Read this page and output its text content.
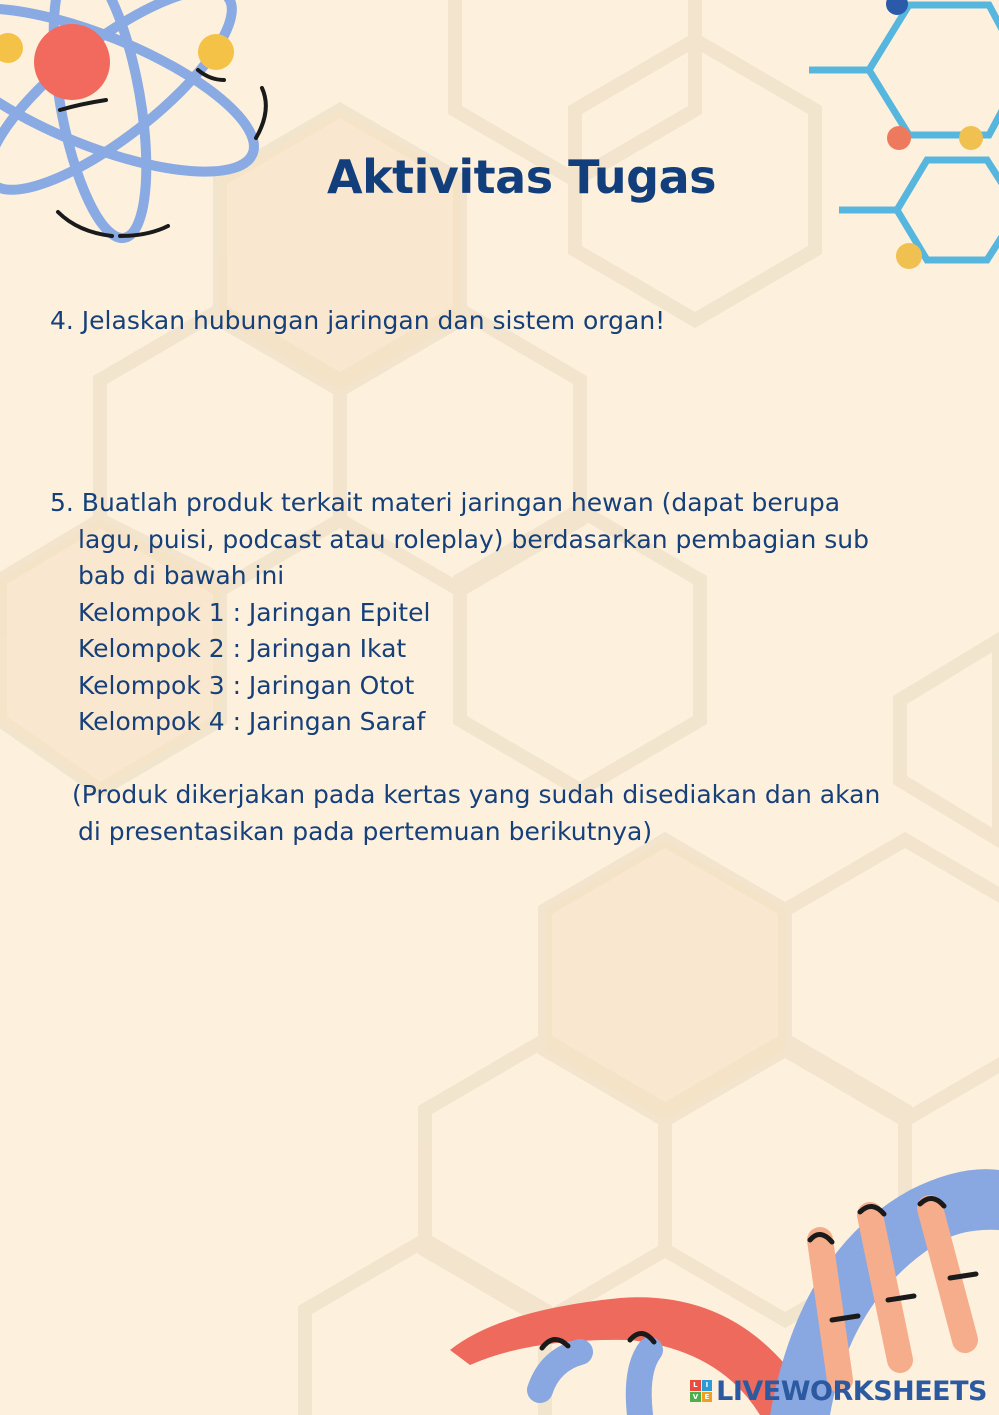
Aktivitas Tugas
4. Jelaskan hubungan jaringan dan sistem organ!
5. Buatlah produk terkait materi jaringan hewan (dapat berupa
lagu, puisi, podcast atau roleplay) berdasarkan pembagian sub
bab di bawah ini
Kelompok 1 : Jaringan Epitel
Kelompok 2 : Jaringan Ikat
Kelompok 3 : Jaringan Otot
Kelompok 4 : Jaringan Saraf
(Produk dikerjakan pada kertas yang sudah disediakan dan akan
di presentasikan pada pertemuan berikutnya)
L	I
V E LIVEWORKSHEETS
